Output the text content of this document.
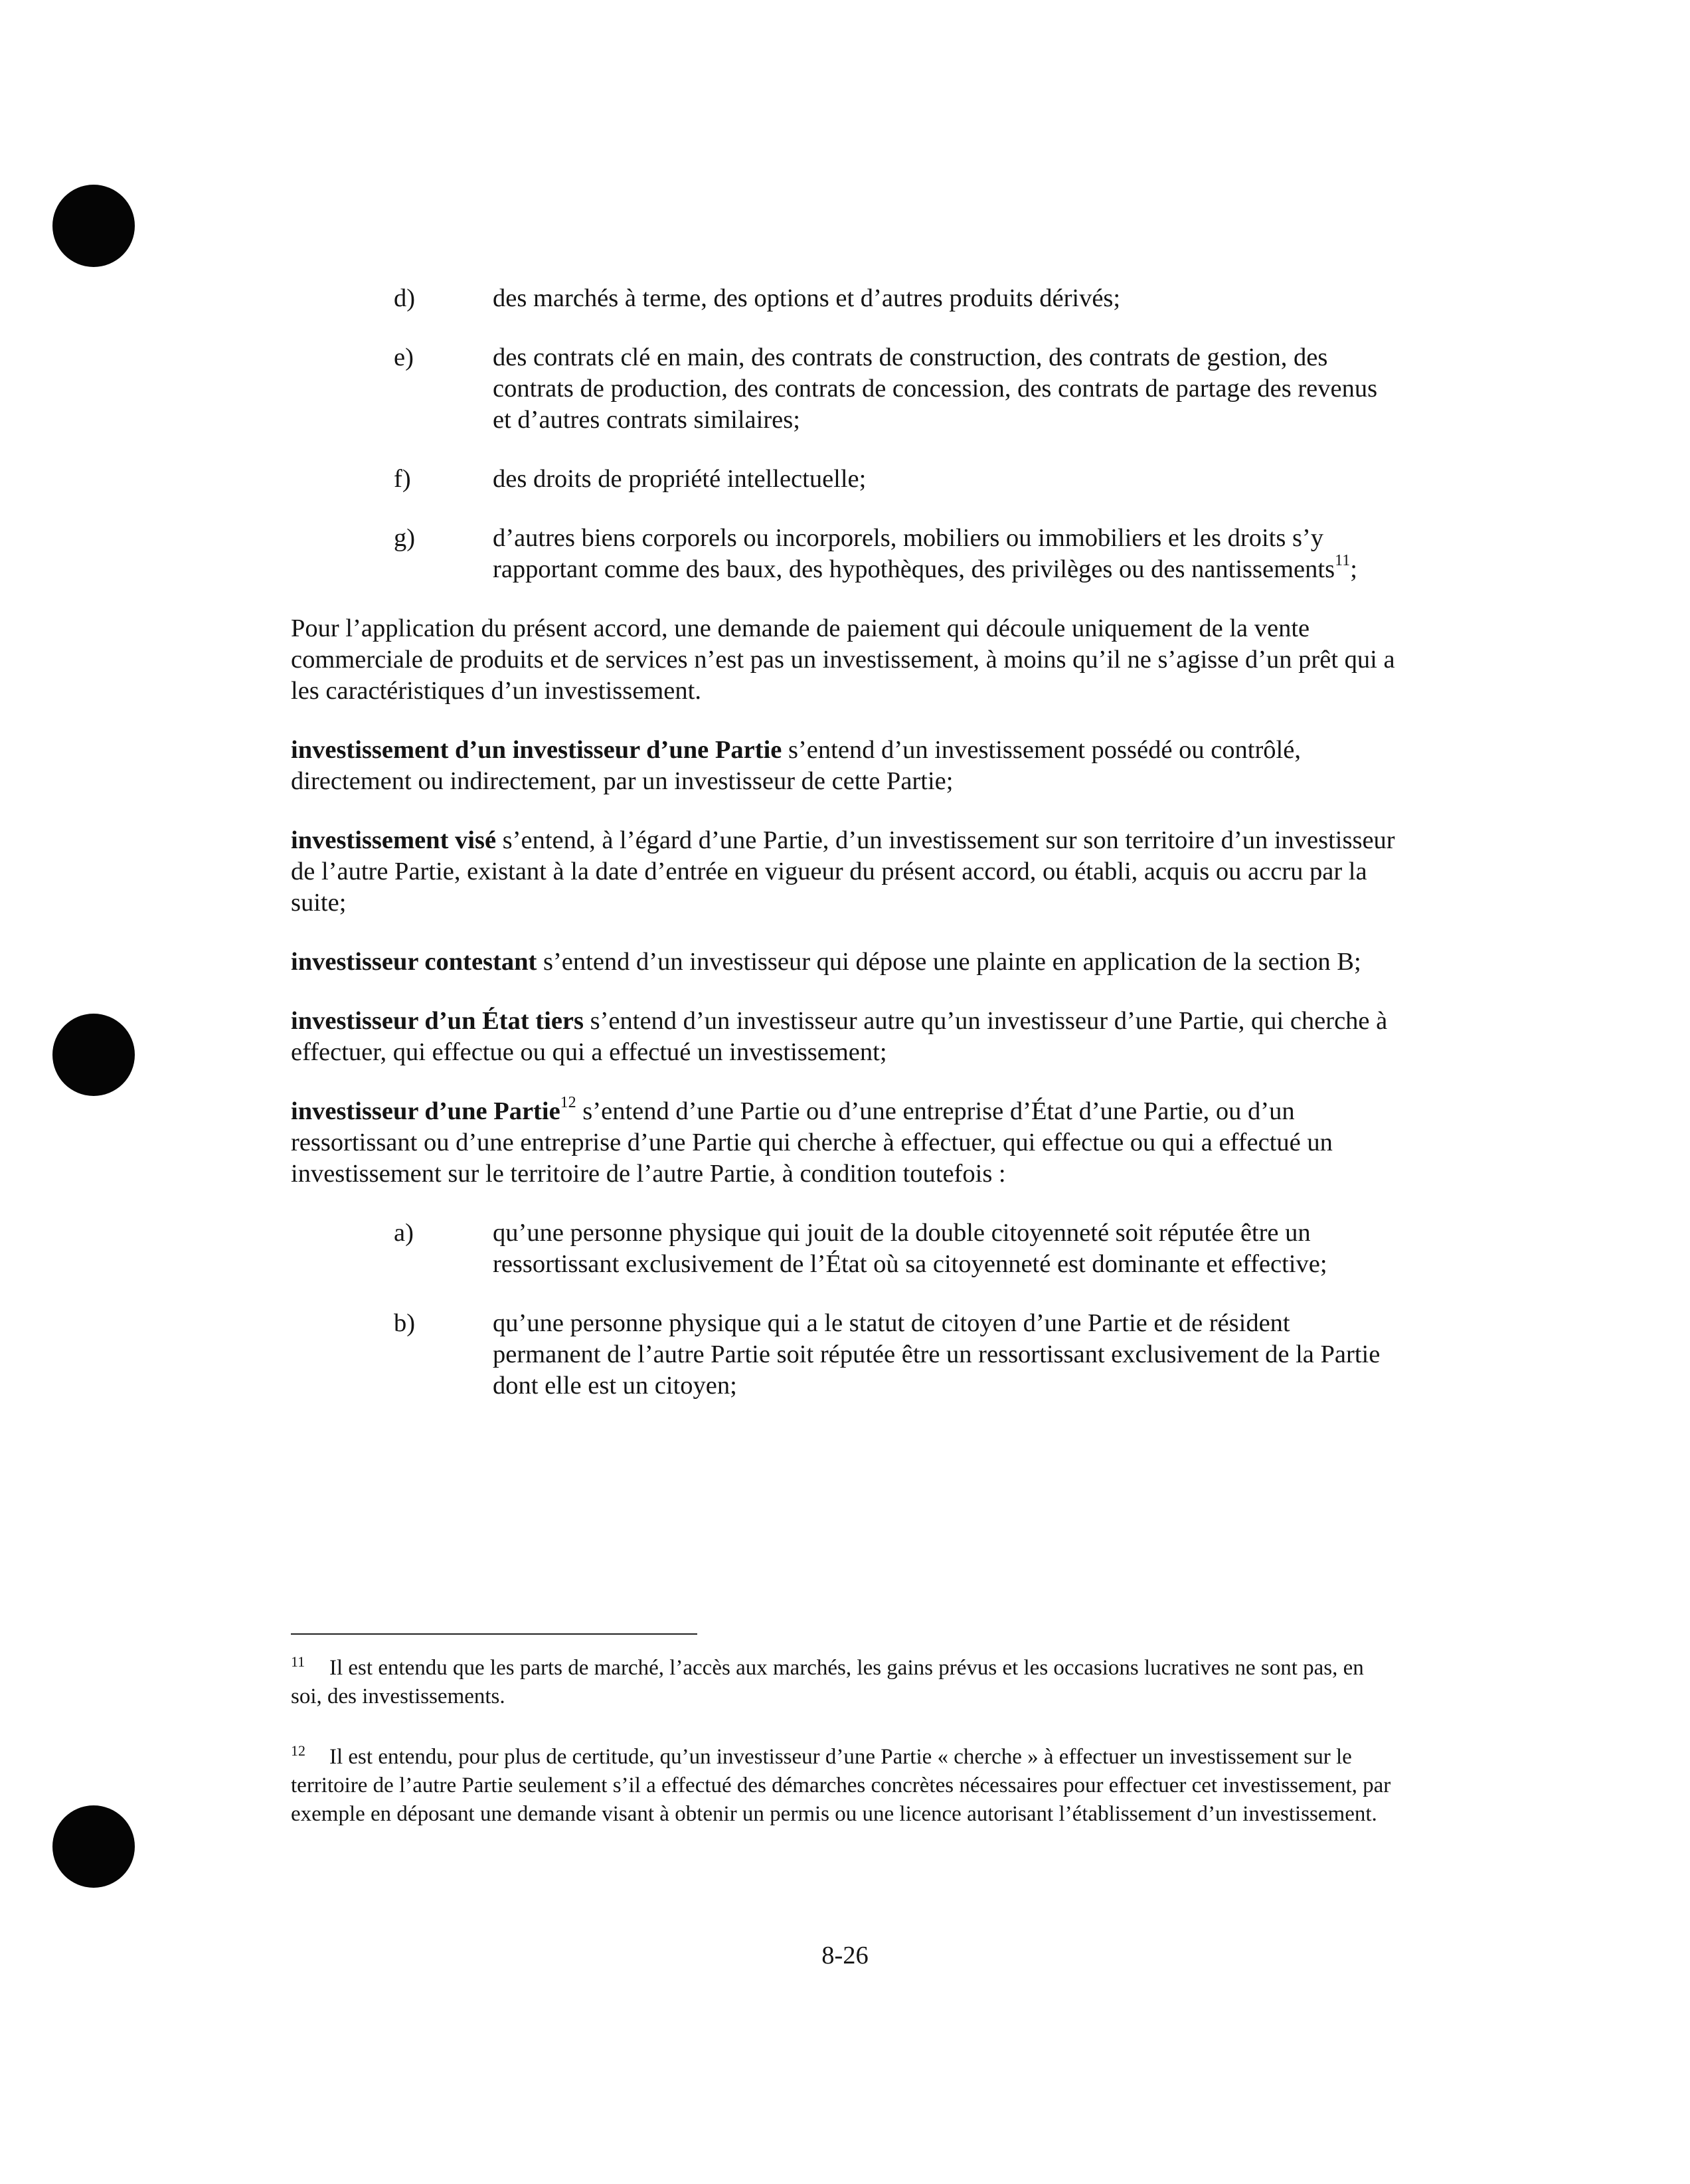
d)	des marchés à terme, des options et d’autres produits dérivés;
e)	des contrats clé en main, des contrats de construction, des contrats de gestion, des contrats de production, des contrats de concession, des contrats de partage des revenus et d’autres contrats similaires;
f)	des droits de propriété intellectuelle;
g)	d’autres biens corporels ou incorporels, mobiliers ou immobiliers et les droits s’y rapportant comme des baux, des hypothèques, des privilèges ou des nantissements$^{11}$;

Pour l’application du présent accord, une demande de paiement qui découle uniquement de la vente commerciale de produits et de services n’est pas un investissement, à moins qu’il ne s’agisse d’un prêt qui a les caractéristiques d’un investissement.

investissement d’un investisseur d’une Partie s’entend d’un investissement possédé ou contrôlé, directement ou indirectement, par un investisseur de cette Partie;

investissement visé s’entend, à l’égard d’une Partie, d’un investissement sur son territoire d’un investisseur de l’autre Partie, existant à la date d’entrée en vigueur du présent accord, ou établi, acquis ou accru par la suite;

investisseur contestant s’entend d’un investisseur qui dépose une plainte en application de la section B;

investisseur d’un État tiers s’entend d’un investisseur autre qu’un investisseur d’une Partie, qui cherche à effectuer, qui effectue ou qui a effectué un investissement;

investisseur d’une Partie$^{12}$ s’entend d’une Partie ou d’une entreprise d’État d’une Partie, ou d’un ressortissant ou d’une entreprise d’une Partie qui cherche à effectuer, qui effectue ou qui a effectué un investissement sur le territoire de l’autre Partie, à condition toutefois :

a)	qu’une personne physique qui jouit de la double citoyenneté soit réputée être un ressortissant exclusivement de l’État où sa citoyenneté est dominante et effective;
b)	qu’une personne physique qui a le statut de citoyen d’une Partie et de résident permanent de l’autre Partie soit réputée être un ressortissant exclusivement de la Partie dont elle est un citoyen;
11 Il est entendu que les parts de marché, l’accès aux marchés, les gains prévus et les occasions lucratives ne sont pas, en soi, des investissements.
12 Il est entendu, pour plus de certitude, qu’un investisseur d’une Partie « cherche » à effectuer un investissement sur le territoire de l’autre Partie seulement s’il a effectué des démarches concrètes nécessaires pour effectuer cet investissement, par exemple en déposant une demande visant à obtenir un permis ou une licence autorisant l’établissement d’un investissement.
8-26
